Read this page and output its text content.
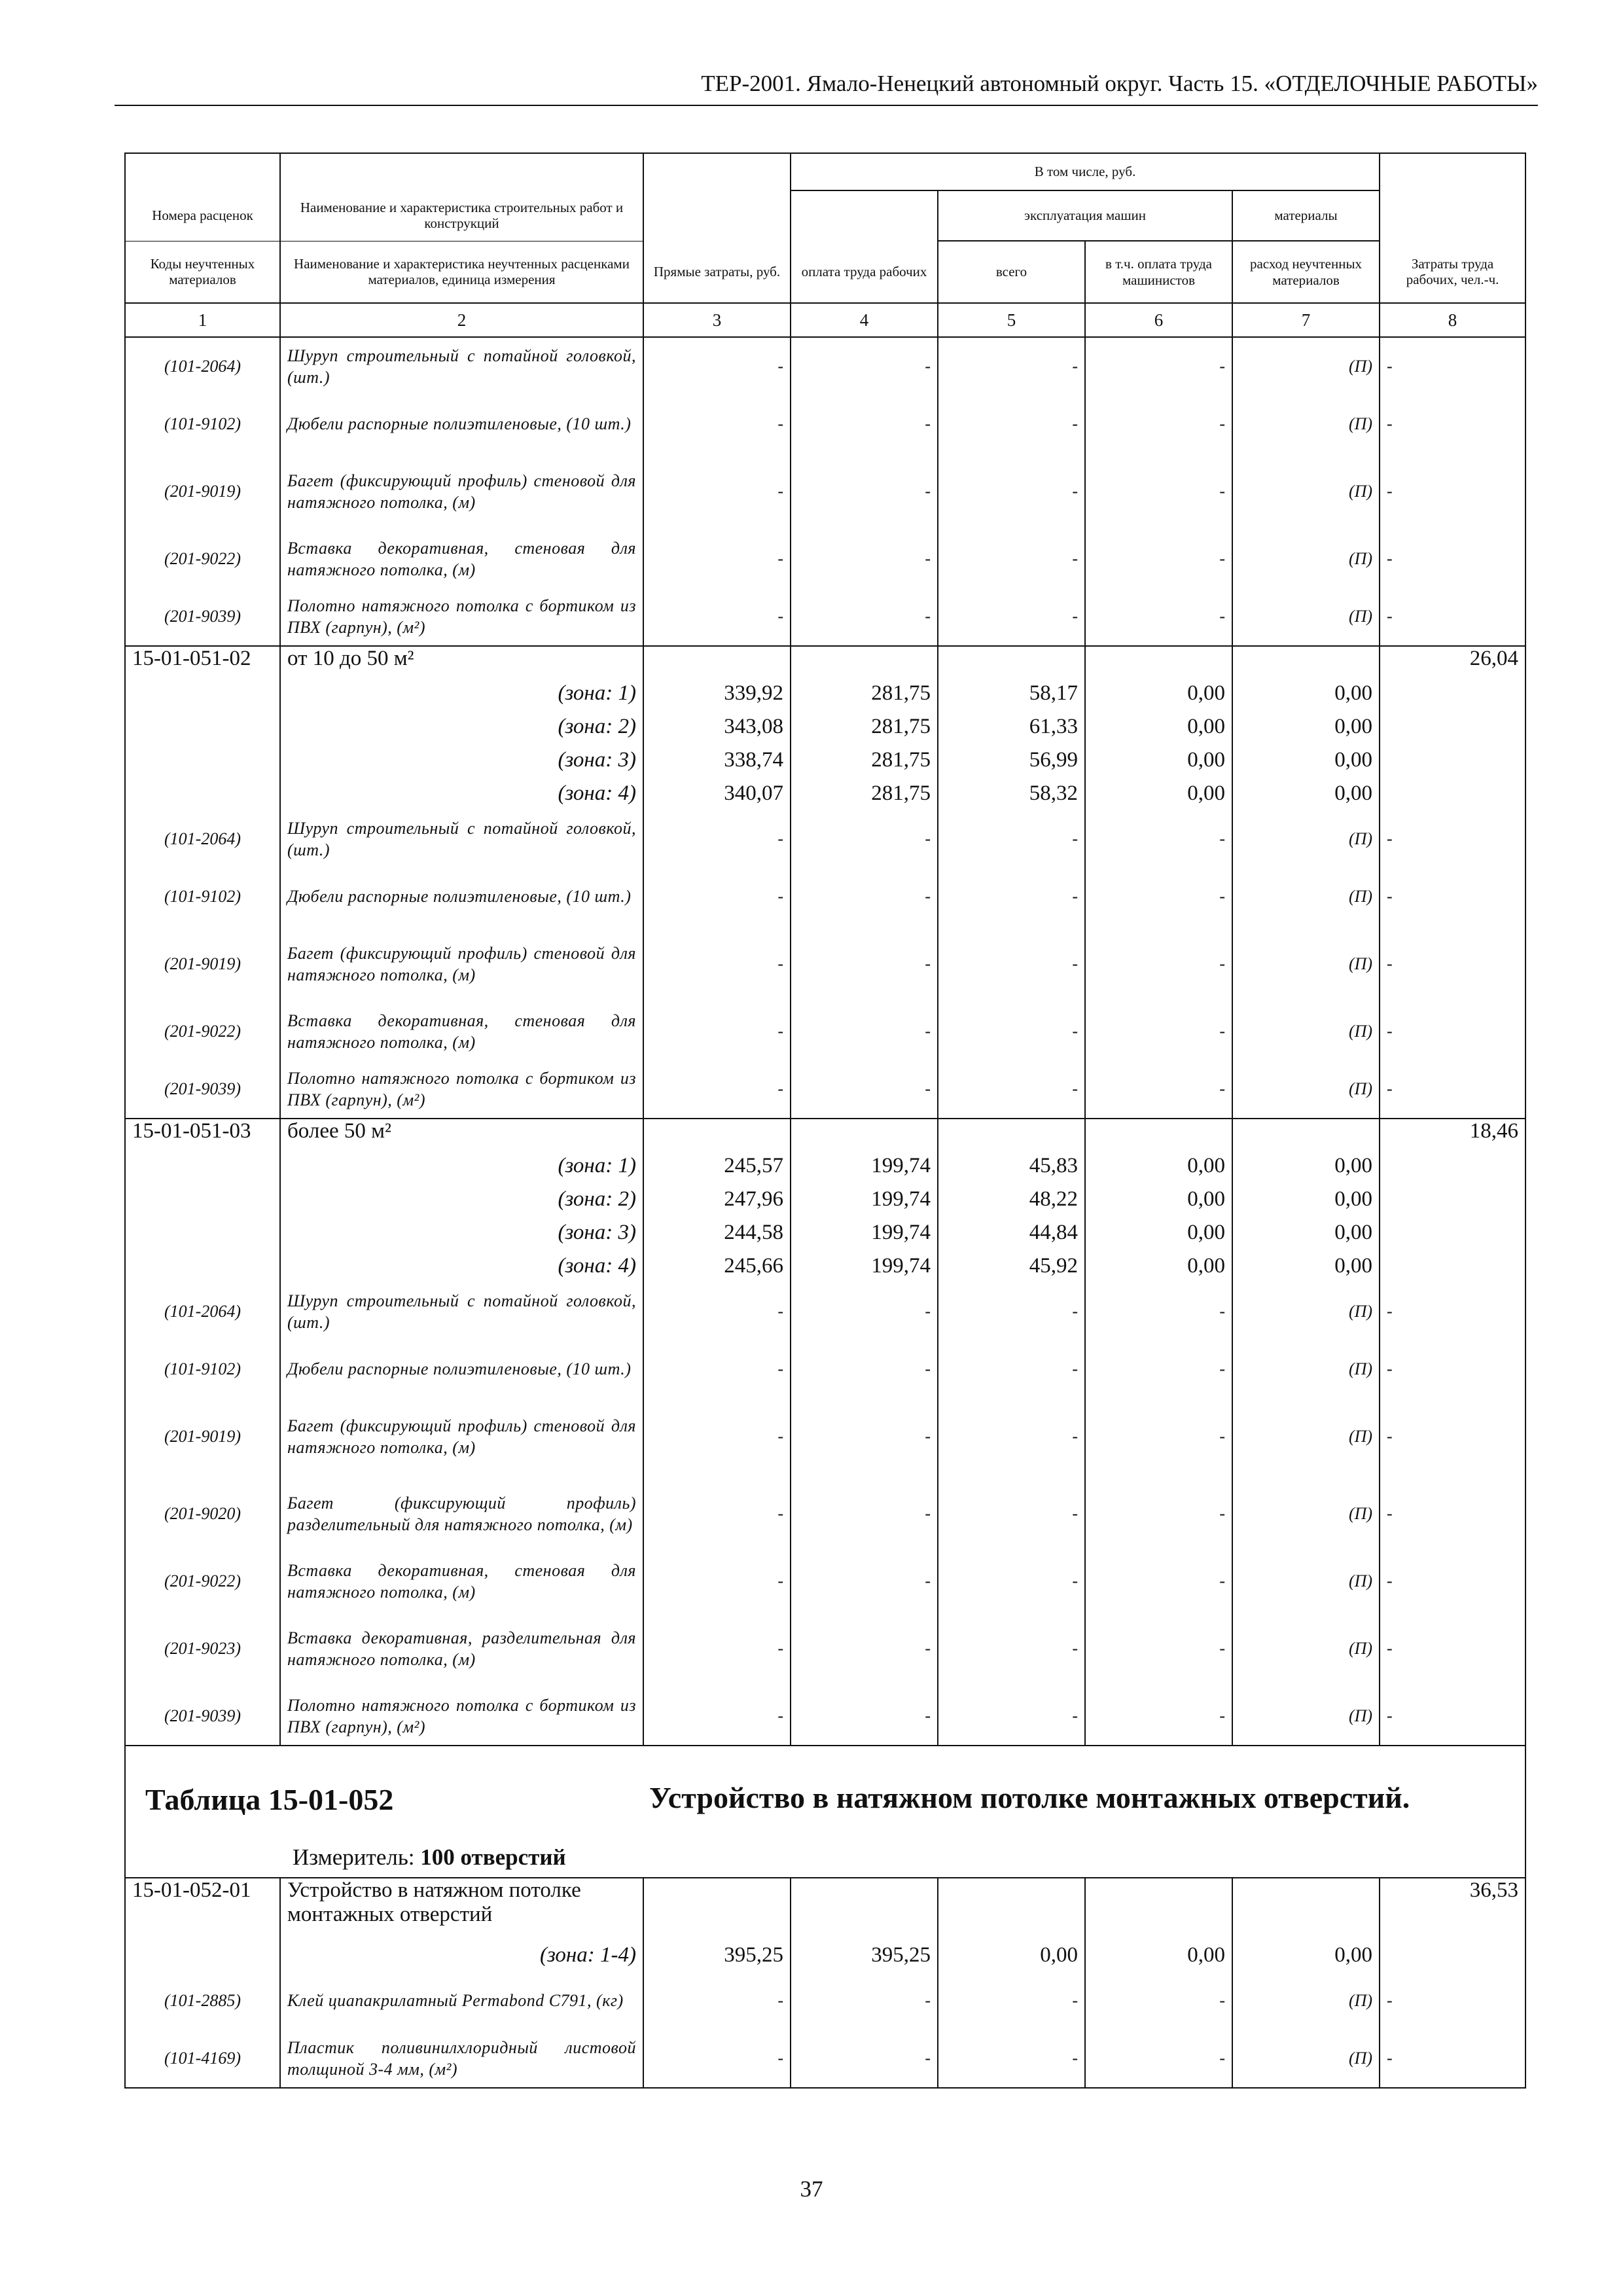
ТЕР-2001. Ямало-Ненецкий автономный округ. Часть 15. «ОТДЕЛОЧНЫЕ РАБОТЫ»
			В том числе, руб.				
Номера расценок	Наименование и характеристика строительных работ и конструкций			эксплуатация машин		материалы	
Коды неучтенных материалов	Наименование и характеристика неучтенных расценками материалов, единица измерения	Прямые затраты, руб.	оплата труда рабочих	всего	в т.ч. оплата труда машинистов	расход неучтенных материалов	Затраты труда рабочих, чел.-ч.
1	2	3	4	5	6	7	8
(101-2064)	Шуруп строительный с потайной головкой, (шт.)	-	-	-	-	(П)	-
(101-9102)	Дюбели распорные полиэтиленовые, (10 шт.)	-	-	-	-	(П)	-
(201-9019)	Багет (фиксирующий профиль) стеновой для натяжного потолка, (м)	-	-	-	-	(П)	-
(201-9022)	Вставка декоративная, стеновая для натяжного потолка, (м)	-	-	-	-	(П)	-
(201-9039)	Полотно натяжного потолка с бортиком из ПВХ (гарпун), (м²)	-	-	-	-	(П)	-
15-01-051-02	от 10 до 50 м²						26,04
	(зона: 1)	339,92	281,75	58,17	0,00	0,00	
	(зона: 2)	343,08	281,75	61,33	0,00	0,00	
	(зона: 3)	338,74	281,75	56,99	0,00	0,00	
	(зона: 4)	340,07	281,75	58,32	0,00	0,00	
(101-2064)	Шуруп строительный с потайной головкой, (шт.)	-	-	-	-	(П)	-
(101-9102)	Дюбели распорные полиэтиленовые, (10 шт.)	-	-	-	-	(П)	-
(201-9019)	Багет (фиксирующий профиль) стеновой для натяжного потолка, (м)	-	-	-	-	(П)	-
(201-9022)	Вставка декоративная, стеновая для натяжного потолка, (м)	-	-	-	-	(П)	-
(201-9039)	Полотно натяжного потолка с бортиком из ПВХ (гарпун), (м²)	-	-	-	-	(П)	-
15-01-051-03	более 50 м²						18,46
	(зона: 1)	245,57	199,74	45,83	0,00	0,00	
	(зона: 2)	247,96	199,74	48,22	0,00	0,00	
	(зона: 3)	244,58	199,74	44,84	0,00	0,00	
	(зона: 4)	245,66	199,74	45,92	0,00	0,00	
(101-2064)	Шуруп строительный с потайной головкой, (шт.)	-	-	-	-	(П)	-
(101-9102)	Дюбели распорные полиэтиленовые, (10 шт.)	-	-	-	-	(П)	-
(201-9019)	Багет (фиксирующий профиль) стеновой для натяжного потолка, (м)	-	-	-	-	(П)	-
(201-9020)	Багет (фиксирующий профиль) разделительный для натяжного потолка, (м)	-	-	-	-	(П)	-
(201-9022)	Вставка декоративная, стеновая для натяжного потолка, (м)	-	-	-	-	(П)	-
(201-9023)	Вставка декоративная, разделительная для натяжного потолка, (м)	-	-	-	-	(П)	-
(201-9039)	Полотно натяжного потолка с бортиком из ПВХ (гарпун), (м²)	-	-	-	-	(П)	-

Таблица 15-01-052 Устройство в натяжном потолке монтажных отверстий.
Измеритель: 100 отверстий							

15-01-052-01	Устройство в натяжном потолке монтажных отверстий						36,53
	(зона: 1-4)	395,25	395,25	0,00	0,00	0,00	
(101-2885)	Клей циапакрилатный Permabond C791, (кг)	-	-	-	-	(П)	-
(101-4169)	Пластик поливинилхлоридный листовой толщиной 3-4 мм, (м²)	-	-	-	-	(П)	-
37
